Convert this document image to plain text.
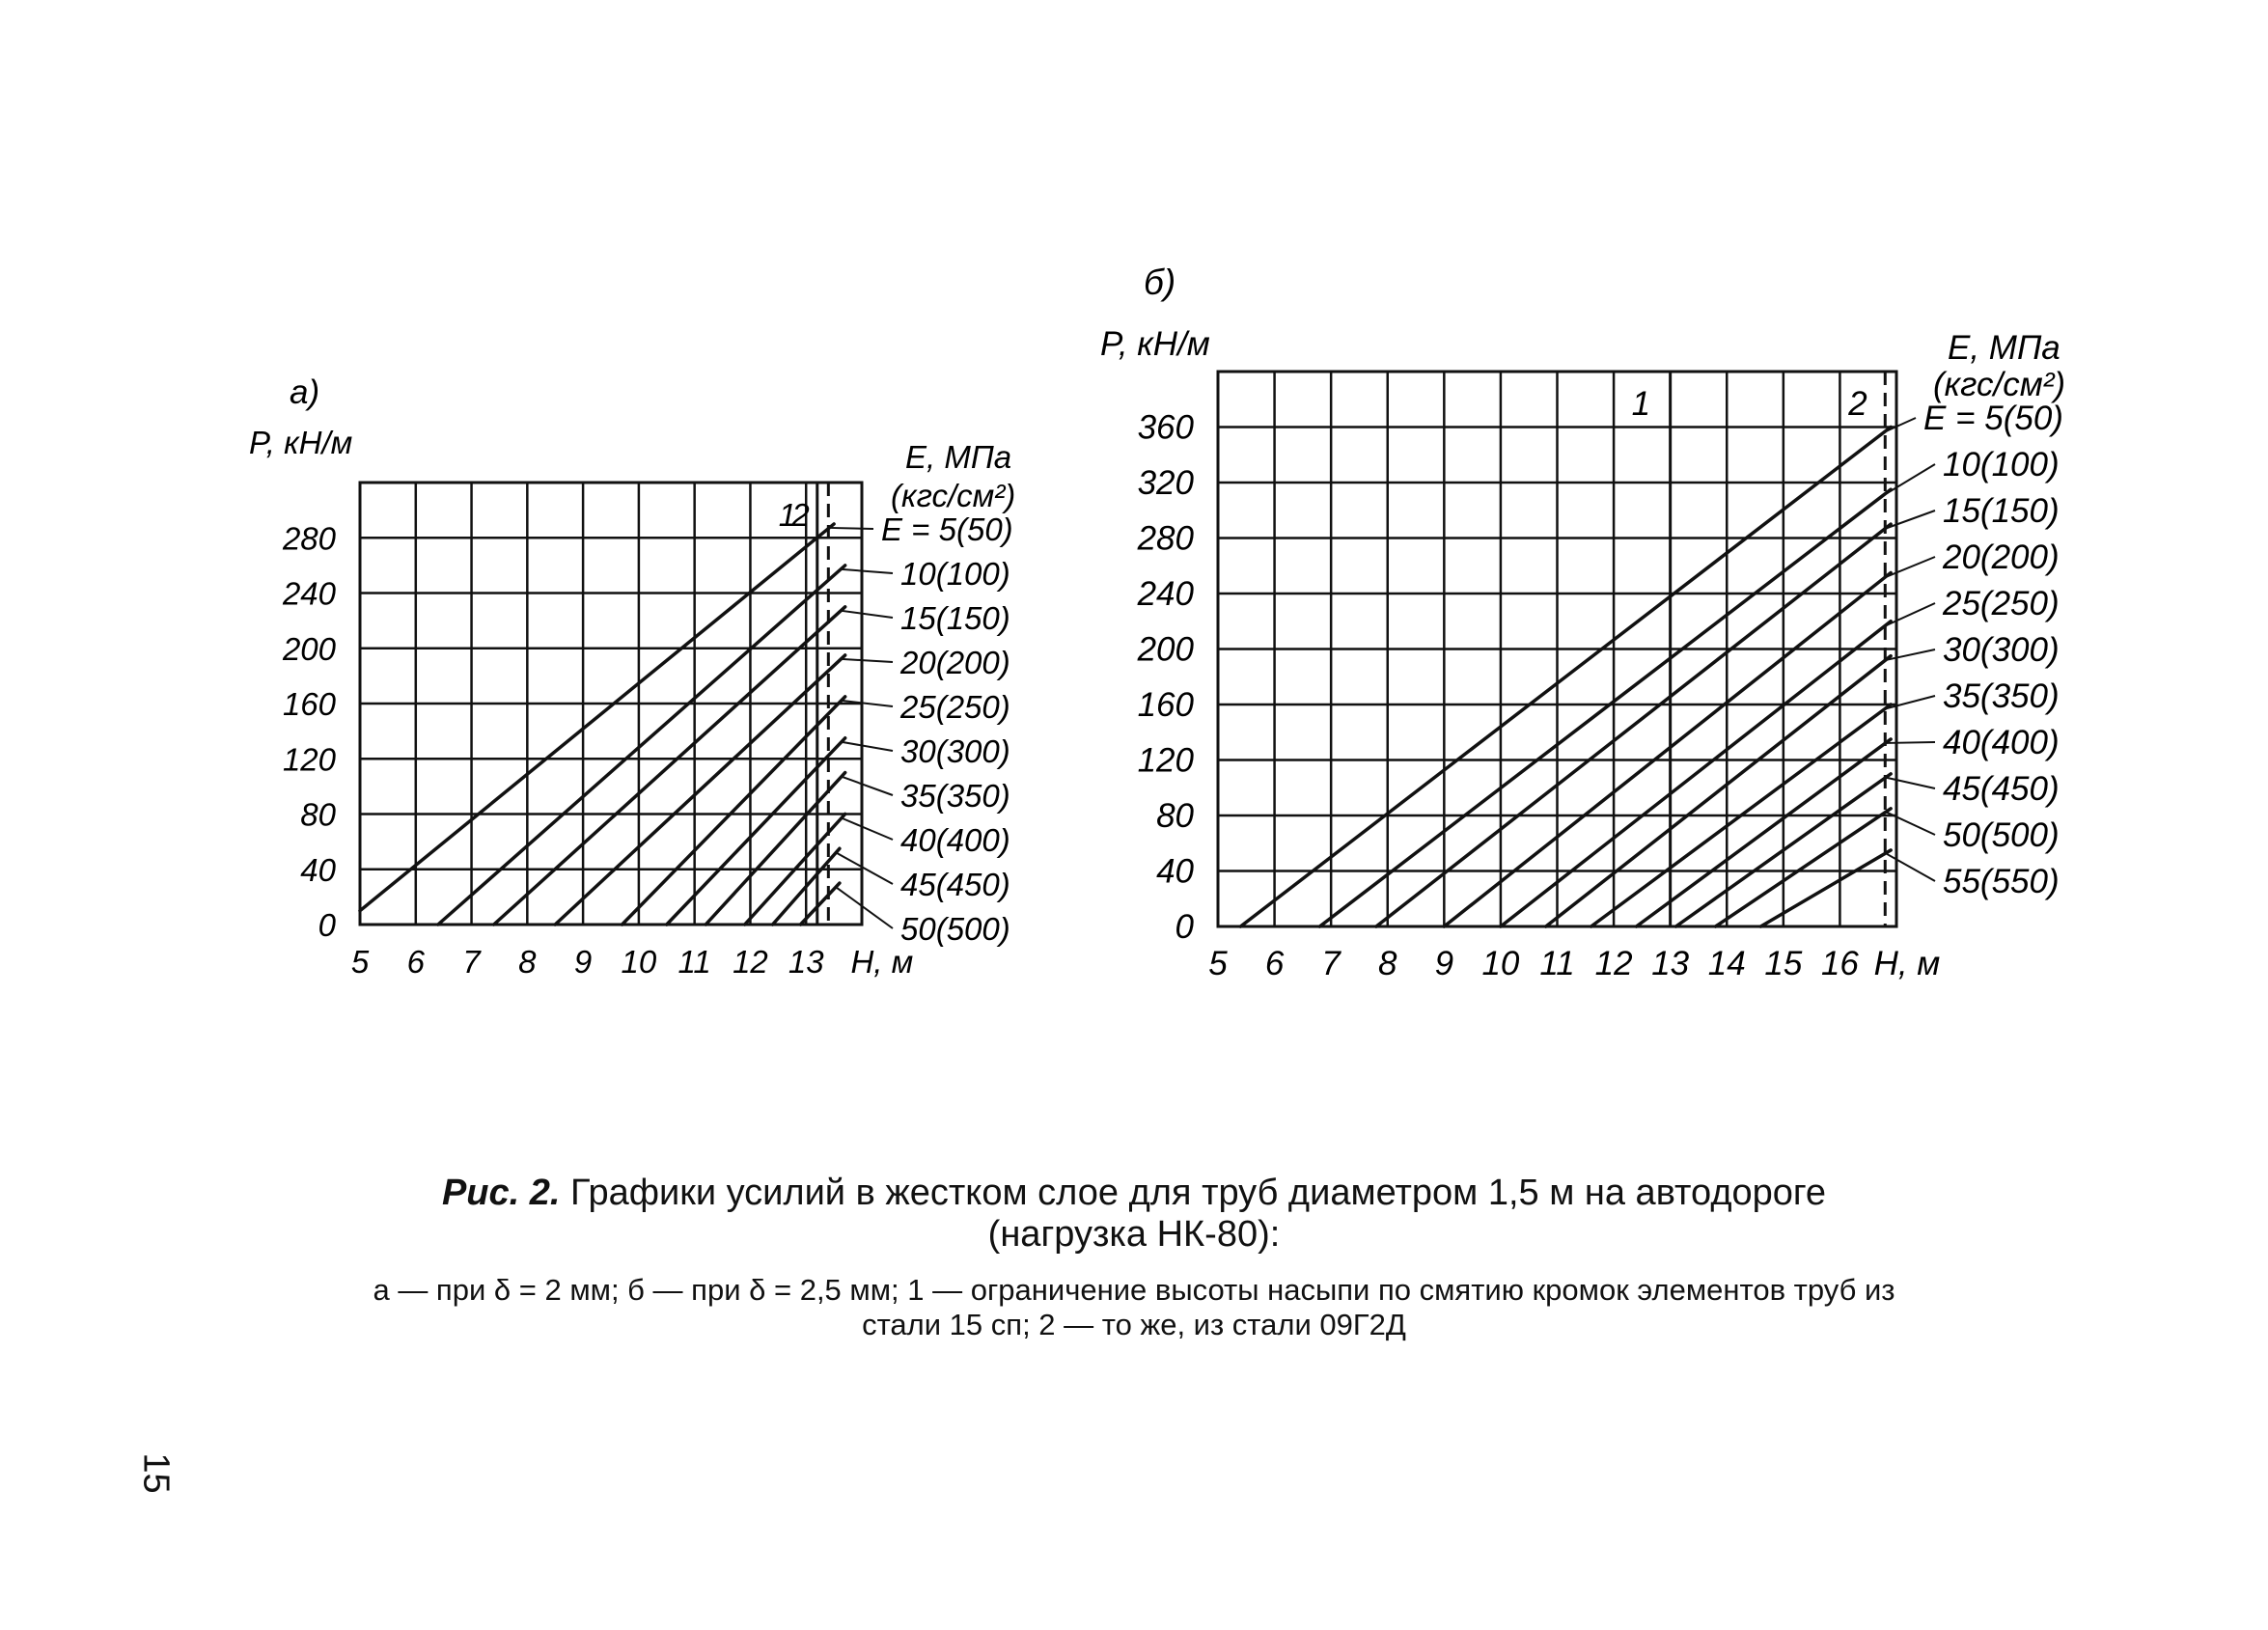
5 6 7 8 9 10 11 12 13 Н, м
0
40
80
120
160
200
240
280
P, кН/м
а)
1
2
Е, МПа
(кгс/см²)
Е = 5(50)
10(100)
15(150)
20(200)
25(250)
30(300)
35(350)
40(400)
45(450)
50(500)
5 6 7 8 9 10 11 12 13 14 15 16 Н, м
0
40
80
120
160
200
240
280
320
360
P, кН/м
б)
1	2
Е, МПа
(кгс/см²)
Е = 5(50)
10(100)
15(150)
20(200)
25(250)
30(300)
35(350)
40(400)
45(450)
50(500)
55(550)
Рис. 2. Графики усилий в жестком слое для труб диаметром 1,5 м на автодороге
(нагрузка НК-80):
а — при δ = 2 мм; б — при δ = 2,5 мм; 1 — ограничение высоты насыпи по смятию кромок элементов труб из
стали 15 сп; 2 — то же, из стали 09Г2Д
15
